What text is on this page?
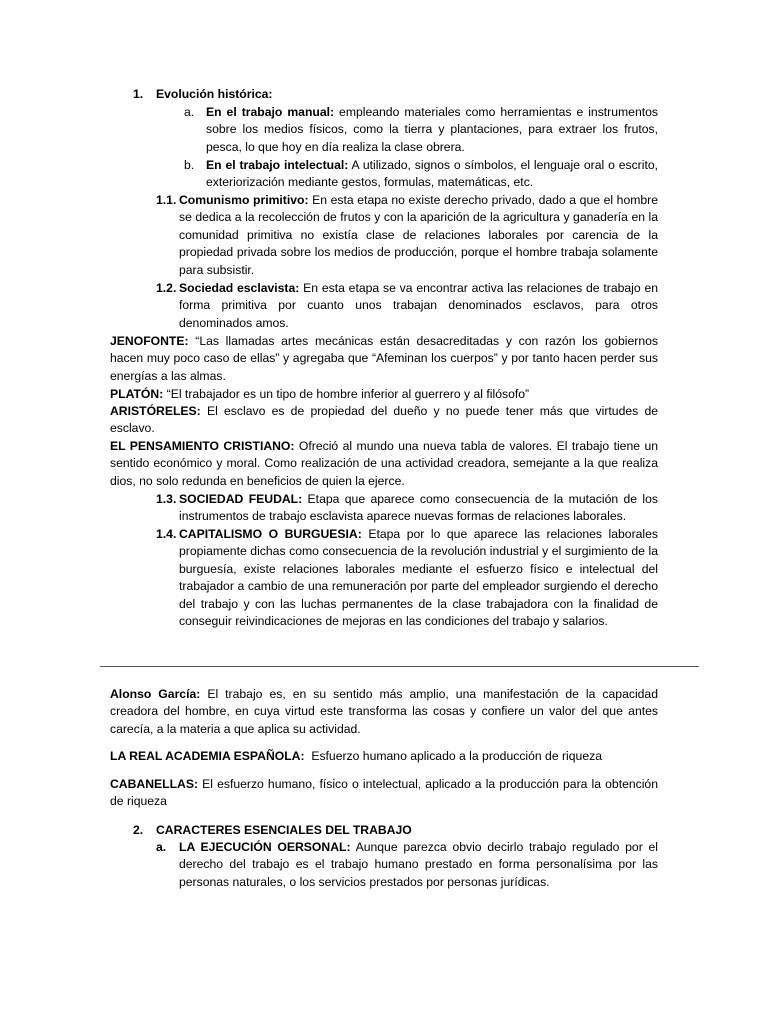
1. Evolución histórica:
a. En el trabajo manual: empleando materiales como herramientas e instrumentos sobre los medios físicos, como la tierra y plantaciones, para extraer los frutos, pesca, lo que hoy en día realiza la clase obrera.
b. En el trabajo intelectual: A utilizado, signos o símbolos, el lenguaje oral o escrito, exteriorización mediante gestos, formulas, matemáticas, etc.
1.1. Comunismo primitivo: En esta etapa no existe derecho privado, dado a que el hombre se dedica a la recolección de frutos y con la aparición de la agricultura y ganadería en la comunidad primitiva no existía clase de relaciones laborales por carencia de la propiedad privada sobre los medios de producción, porque el hombre trabaja solamente para subsistir.
1.2. Sociedad esclavista: En esta etapa se va encontrar activa las relaciones de trabajo en forma primitiva por cuanto unos trabajan denominados esclavos, para otros denominados amos.
JENOFONTE: “Las llamadas artes mecánicas están desacreditadas y con razón los gobiernos hacen muy poco caso de ellas” y agregaba que “Afeminan los cuerpos” y por tanto hacen perder sus energías a las almas.
PLATÓN: “El trabajador es un tipo de hombre inferior al guerrero y al filósofo”
ARISTÓRELES: El esclavo es de propiedad del dueño y no puede tener más que virtudes de esclavo.
EL PENSAMIENTO CRISTIANO: Ofreció al mundo una nueva tabla de valores. El trabajo tiene un sentido económico y moral. Como realización de una actividad creadora, semejante a la que realiza dios, no solo redunda en beneficios de quien la ejerce.
1.3. SOCIEDAD FEUDAL: Etapa que aparece como consecuencia de la mutación de los instrumentos de trabajo esclavista aparece nuevas formas de relaciones laborales.
1.4. CAPITALISMO O BURGUESIA: Etapa por lo que aparece las relaciones laborales propiamente dichas como consecuencia de la revolución industrial y el surgimiento de la burguesía, existe relaciones laborales mediante el esfuerzo físico e intelectual del trabajador a cambio de una remuneración por parte del empleador surgiendo el derecho del trabajo y con las luchas permanentes de la clase trabajadora con la finalidad de conseguir reivindicaciones de mejoras en las condiciones del trabajo y salarios.
Alonso García: El trabajo es, en su sentido más amplio, una manifestación de la capacidad creadora del hombre, en cuya virtud este transforma las cosas y confiere un valor del que antes carecía, a la materia a que aplica su actividad.
LA REAL ACADEMIA ESPAÑOLA:  Esfuerzo humano aplicado a la producción de riqueza
CABANELLAS: El esfuerzo humano, físico o intelectual, aplicado a la producción para la obtención de riqueza
2. CARACTERES ESENCIALES DEL TRABAJO
a. LA EJECUCIÓN OERSONAL: Aunque parezca obvio decirlo trabajo regulado por el derecho del trabajo es el trabajo humano prestado en forma personalísima por las personas naturales, o los servicios prestados por personas jurídicas.
